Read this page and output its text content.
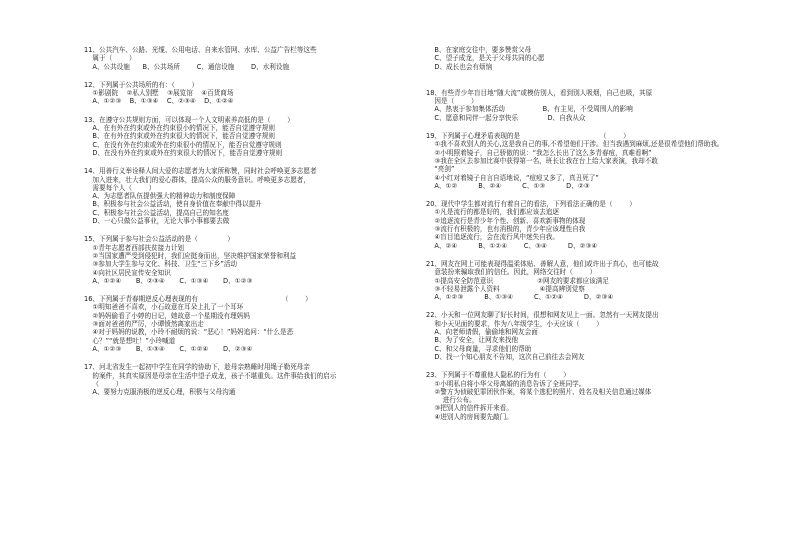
11、公共汽车、公路、光缆、公用电话、自来水管网、水库、公益广告栏等这些
属于（        ）
A、公共设施      B、公共场所        C、通信设施        D、水利设施
12、下列属于公共场所的有：（        ）
①影剧院    ②私人别墅    ③展览馆    ④百货商场
A、①②③    B、①③④    C、②③④    D、①②④
13、在遵守公共规则方面，可以体现一个人文明素养高低的是（        ）
A、在有外在约束或外在约束很小的情况下，能否自觉遵守规则
B、在有外在约束或外在约束很大的情况下，能否自觉遵守规则
C、在没有外在约束或外在约束很小的情况下，能否自觉遵守规则
D、在没有外在约束或外在约束很大的情况下，能否自觉遵守规则
14、用善行义举诠释人间大爱的志愿者为大家所称赞，同时社会呼唤更多志愿者
加入进来，壮大我们的爱心群体，提高公众的服务意识。呼唤更多志愿者，
需要每个人（        ）
A、为志愿者队伍提供强大的精神动力和制度保障
B、积极参与社会公益活动，使自身价值在奉献中得以提升
C、积极参与社会公益活动，提高自己的知名度
D、一心只做公益事业，无论大事小事都要去做
15、下列属于参与社会公益活动的是（              ）
①青年志愿者西部扶贫接力计划
②当国家遭严受到侵犯时，我们应挺身而出，坚决维护国家荣誉和利益
③参加大学生参与文化、科技、卫生“三下乡”活动
④向社区居民宣传安全知识
A、①②④       B、②③④       C、①③④       D、①②③
16、下列属于青春期逆反心理表现的有                                        （        ）
①明知爸爸不喜欢，小石故意在耳朵上扎了一个耳环
②妈妈偷看了小婷的日记，她故意一个星期没有理妈妈
③面对爸爸的严厉，小谭愤然离家出走
④对于妈妈的说教，小玲不耐烦的说：“恶心！”妈妈追问：“什么是恶
心？”“就是想吐！”小玲喊道
A、①②③       B、①③④       C、①②④       D、②③④
17、河北省发生一起初中学生在同学的协助下，趁母亲熟睡时用绳子勒死母亲
的案件，其真实原因是母亲在生活中望子成龙，孩子不堪重负。这件事给我们的启示
（        ）
A、要努力克服消极的逆反心理，积极与父母沟通
B、在家庭交往中，要多赞赏父母
C、望子成龙，是关于父母共同的心愿
D、成长也会有烦恼
18、有些青少年盲目地“随大流”或模仿别人，看到别人吸烟，自己也吸，其原
因是（        ）
A、热衷于参加集体活动                  B、有主见，不受周围人的影响
C、愿意和同伴一起分享快乐              D、自我从众
19、下列属于心理矛盾表现的是                                      （        ）
①我不喜欢别人的关心,这是我自己的事,不希望他们干涉。但当我遇到麻烦,还是很希望他们帮助我。
②小明照着镜子，自己骄傲的说：“我怎么长出了这么多青春痘，真难看啊”
③我在全区去参加比赛中获得第一名，班长让我在台上给大家表演，我却不敢
“亮剑”
④小红对着镜子自言自语地说，“痘痘又多了，真丑死了”
A、①②          B、②④          C、①③          D、②③
20、现代中学生都对流行有着自己的看法，下列看法正确的是（        ）
①凡是流行的都是好的，我们都应该去追逐
②追逐流行是青少年个性、创新、喜欢新事物的体现
③流行有积极的，也有消极的，青少年应该理性自我
④盲目追逐流行，会在流行风中迷失自我。
A、②④          B、①②④        C、③④          D、②③④
21、网友在网上可能表现得温柔体贴、善解人意，他们或许出于真心，也可能故
意装扮来骗取我们的信任。因此，网络交往时（        ）
①提高安全防范意识                     ②网友的要求都应该满足
③不轻易泄露个人资料                   ④提高辨别觉察
A、①②③          B、①③④          C、①②④          D、②③④
22、小天和一位网友聊了好长时间，很想和网友见上一面。忽然有一天网友提出
和小天见面的要求，作为八年级学生，小天应该（        ）
A、向老师请假，偷偷地和网友会面
B、为了安全，让网友来找他
C、和父母商量，寻求他们的帮助
D、找一个知心朋友不告知，这次自己前往去会网友
23、下列属于不尊重他人隐私的行为有（        ）
①小明私自将小华父母离婚的消息告诉了全班同学。
②警方为侦破犯罪团伙作案，将某个逃犯的照片、姓名及相关信息通过媒体
进行公布。
③把别人的信件拆开来看。
④进别人的房间要先敲门。
